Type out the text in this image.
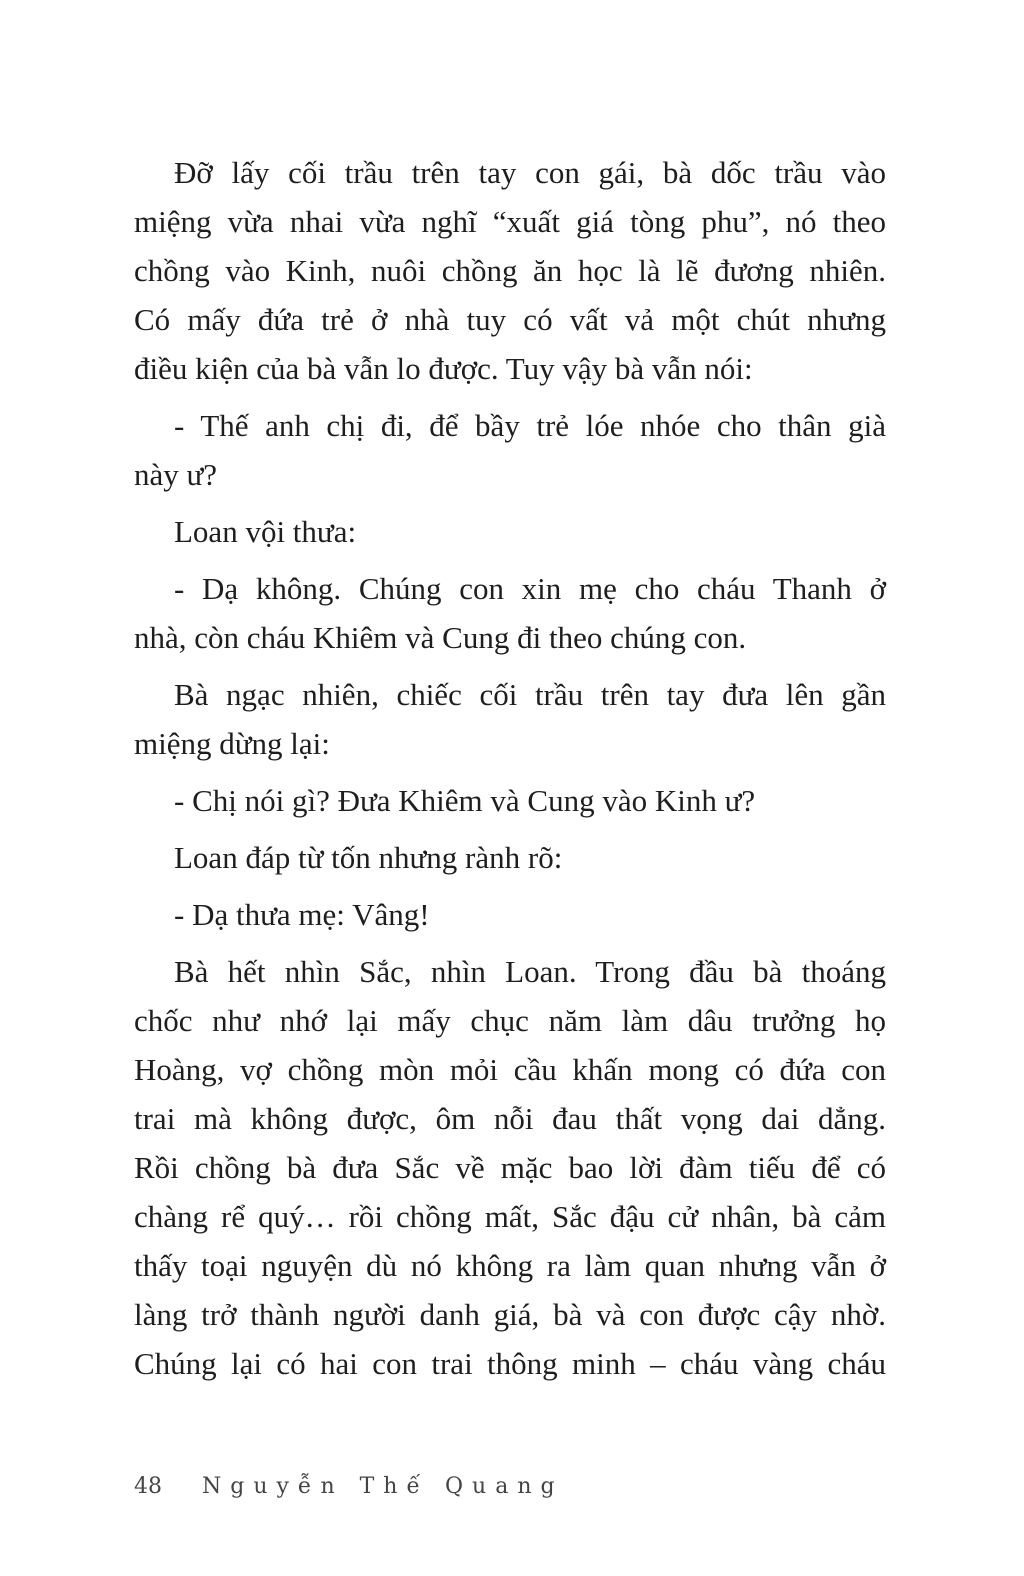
Đỡ lấy cối trầu trên tay con gái, bà dốc trầu vào
miệng vừa nhai vừa nghĩ “xuất giá tòng phu”, nó theo
chồng vào Kinh, nuôi chồng ăn học là lẽ đương nhiên.
Có mấy đứa trẻ ở nhà tuy có vất vả một chút nhưng
điều kiện của bà vẫn lo được. Tuy vậy bà vẫn nói:
- Thế anh chị đi, để bầy trẻ lóe nhóe cho thân già
này ư?
Loan vội thưa:
- Dạ không. Chúng con xin mẹ cho cháu Thanh ở
nhà, còn cháu Khiêm và Cung đi theo chúng con.
Bà ngạc nhiên, chiếc cối trầu trên tay đưa lên gần
miệng dừng lại:
- Chị nói gì? Đưa Khiêm và Cung vào Kinh ư?
Loan đáp từ tốn nhưng rành rõ:
- Dạ thưa mẹ: Vâng!
Bà hết nhìn Sắc, nhìn Loan. Trong đầu bà thoáng
chốc như nhớ lại mấy chục năm làm dâu trưởng họ
Hoàng, vợ chồng mòn mỏi cầu khấn mong có đứa con
trai mà không được, ôm nỗi đau thất vọng dai dẳng.
Rồi chồng bà đưa Sắc về mặc bao lời đàm tiếu để có
chàng rể quý… rồi chồng mất, Sắc đậu cử nhân, bà cảm
thấy toại nguyện dù nó không ra làm quan nhưng vẫn ở
làng trở thành người danh giá, bà và con được cậy nhờ.
Chúng lại có hai con trai thông minh – cháu vàng cháu
48 Nguyễn Thế Quang
